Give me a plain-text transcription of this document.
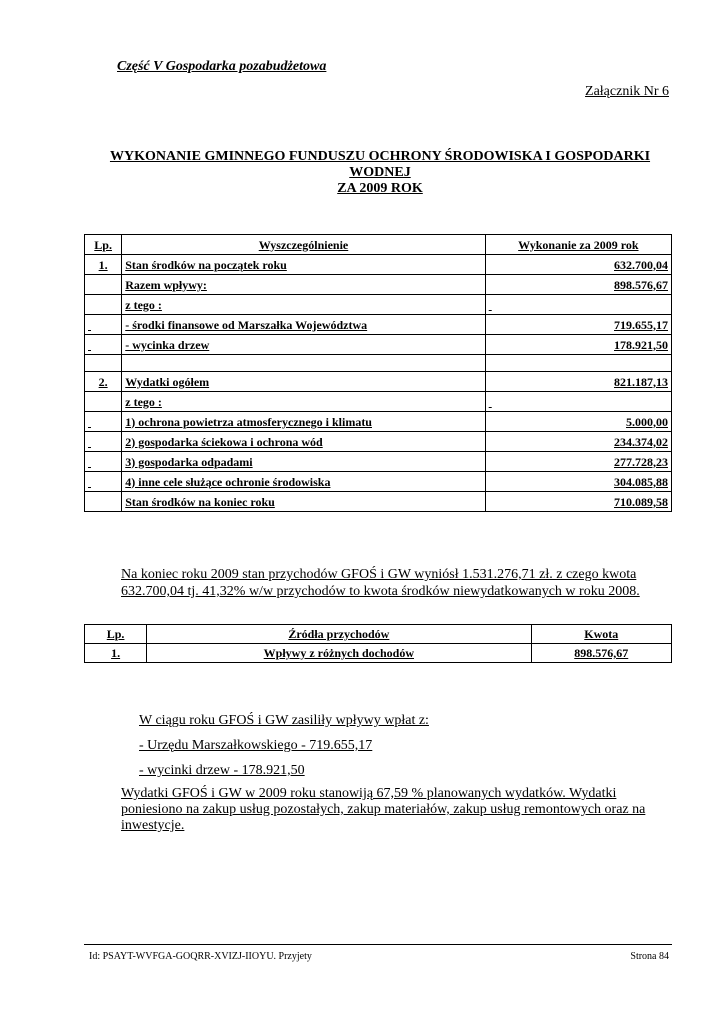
Część V Gospodarka pozabudżetowa
Załącznik Nr 6
WYKONANIE GMINNEGO FUNDUSZU OCHRONY ŚRODOWISKA I GOSPODARKI
WODNEJ
ZA 2009 ROK
Lp.	Wyszczególnienie	Wykonanie za 2009 rok
1.	Stan środków na początek roku	632.700,04
	Razem wpływy:	898.576,67
	z tego :	
	- środki finansowe od Marszałka Województwa	719.655,17
	- wycinka drzew	178.921,50

2.	Wydatki ogółem	821.187,13
	z tego :	
	1) ochrona powietrza atmosferycznego i klimatu	5.000,00
	2) gospodarka ściekowa i ochrona wód	234.374,02
	3) gospodarka odpadami	277.728,23
	4) inne cele służące ochronie środowiska	304.085,88
	Stan środków na koniec roku	710.089,58
Na koniec roku 2009 stan przychodów GFOŚ i GW wyniósł 1.531.276,71 zł. z czego kwota 632.700,04 tj. 41,32% w/w przychodów to kwota środków niewydatkowanych w roku 2008.
Lp.	Źródła przychodów	Kwota
1.	Wpływy z różnych dochodów	898.576,67
W ciągu roku GFOŚ i GW zasiliły wpływy wpłat z:
- Urzędu Marszałkowskiego - 719.655,17
- wycinki drzew - 178.921,50
Wydatki GFOŚ i GW w 2009 roku stanowiją 67,59 % planowanych wydatków. Wydatki poniesiono na zakup usług pozostałych, zakup materiałów, zakup usług remontowych oraz na inwestycje.
Id: PSAYT-WVFGA-GOQRR-XVIZJ-IIOYU. Przyjety	Strona 84
